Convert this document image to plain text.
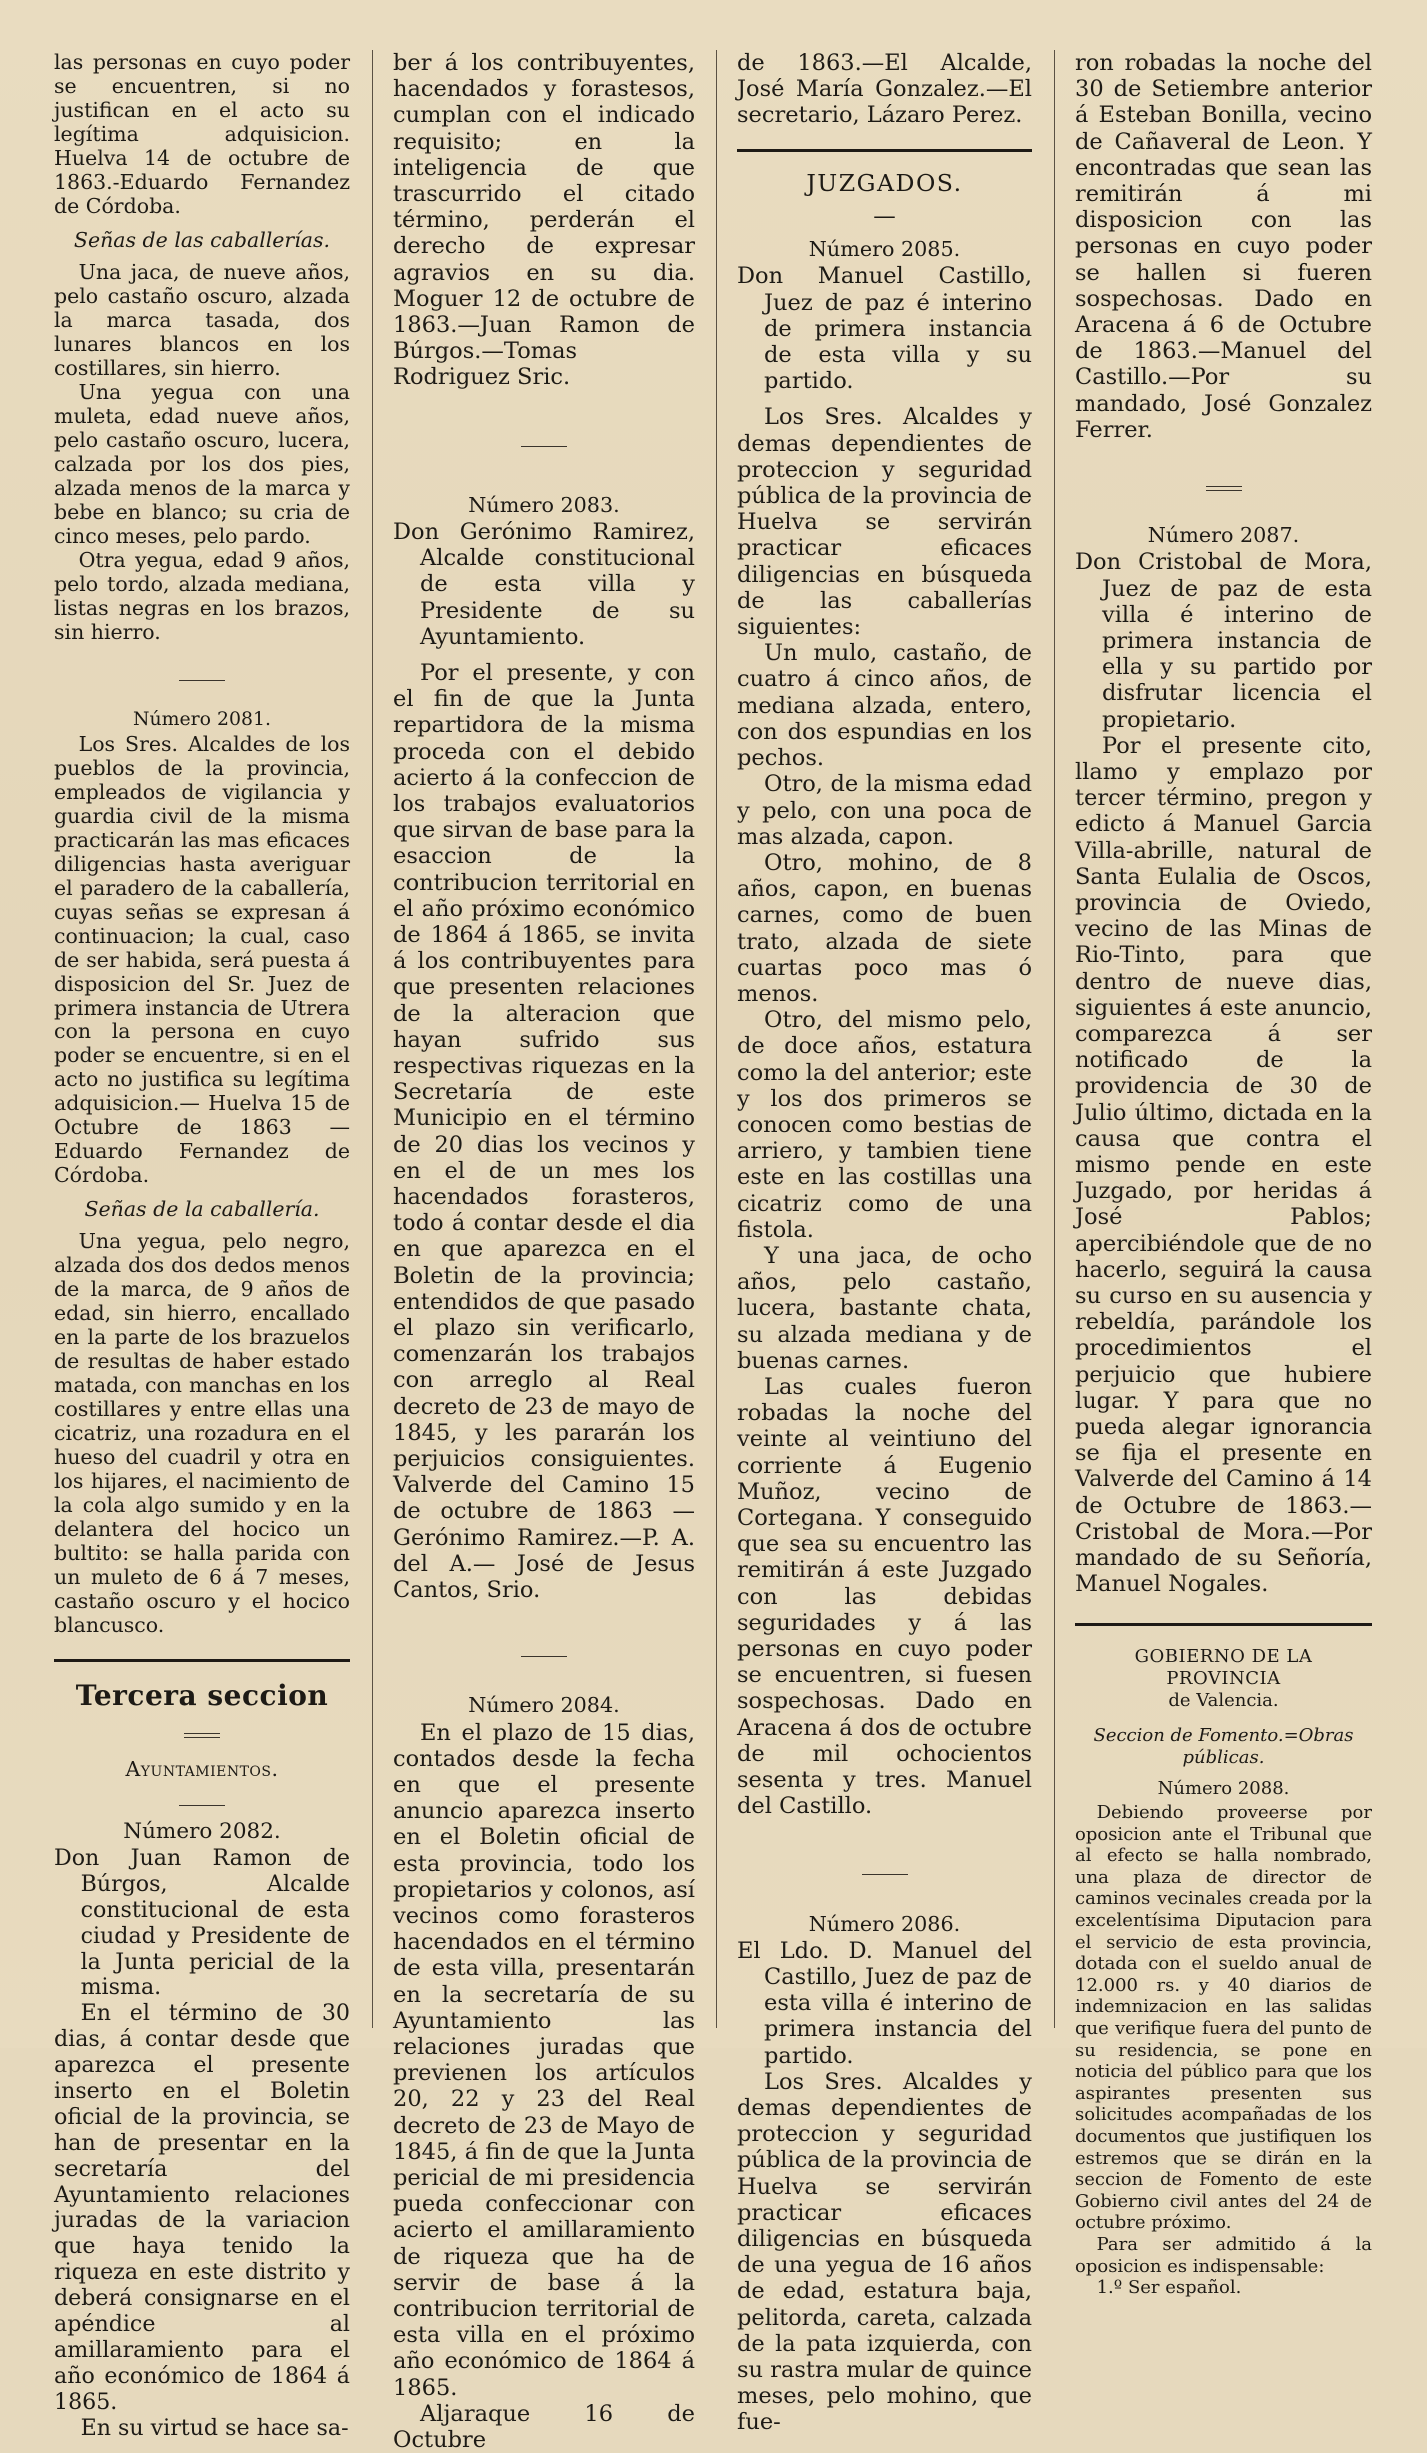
las personas en cuyo poder se encuentren, si no justifican en el acto su legítima adquisicion. Huelva 14 de octubre de 1863.-Eduardo Fernandez de Córdoba.

Señas de las caballerías.

Una jaca, de nueve años, pelo castaño oscuro, alzada la marca tasada, dos lunares blancos en los costillares, sin hierro.

Una yegua con una muleta, edad nueve años, pelo castaño oscuro, lucera, calzada por los dos pies, alzada menos de la marca y bebe en blanco; su cria de cinco meses, pelo pardo.

Otra yegua, edad 9 años, pelo tordo, alzada mediana, listas negras en los brazos, sin hierro.

Número 2081.

Los Sres. Alcaldes de los pueblos de la provincia, empleados de vigilancia y guardia civil de la misma practicarán las mas eficaces diligencias hasta averiguar el paradero de la caballería, cuyas señas se expresan á continuacion; la cual, caso de ser habida, será puesta á disposicion del Sr. Juez de primera instancia de Utrera con la persona en cuyo poder se encuentre, si en el acto no justifica su legítima adquisicion.— Huelva 15 de Octubre de 1863 — Eduardo Fernandez de Córdoba.

Señas de la caballería.

Una yegua, pelo negro, alzada dos dos dedos menos de la marca, de 9 años de edad, sin hierro, encallado en la parte de los brazuelos de resultas de haber estado matada, con manchas en los costillares y entre ellas una cicatriz, una rozadura en el hueso del cuadril y otra en los hijares, el nacimiento de la cola algo sumido y en la delantera del hocico un bultito: se halla parida con un muleto de 6 á 7 meses, castaño oscuro y el hocico blancusco.

Tercera seccion
Ayuntamientos.
Número 2082.

Don Juan Ramon de Búrgos, Alcalde constitucional de esta ciudad y Presidente de la Junta pericial de la misma.

En el término de 30 dias, á contar desde que aparezca el presente inserto en el Boletin oficial de la provincia, se han de presentar en la secretaría del Ayuntamiento relaciones juradas de la variacion que haya tenido la riqueza en este distrito y deberá consignarse en el apéndice al amillaramiento para el año económico de 1864 á 1865.

En su virtud se hace sa-

ber á los contribuyentes, hacendados y forastesos, cumplan con el indicado requisito; en la inteligencia de que trascurrido el citado término, perderán el derecho de expresar agravios en su dia. Moguer 12 de octubre de 1863.—Juan Ramon de Búrgos.—Tomas Rodriguez Sric.

Número 2083.

Don Gerónimo Ramirez, Alcalde constitucional de esta villa y Presidente de su Ayuntamiento.

Por el presente, y con el fin de que la Junta repartidora de la misma proceda con el debido acierto á la confeccion de los trabajos evaluatorios que sirvan de base para la esaccion de la contribucion territorial en el año próximo económico de 1864 á 1865, se invita á los contribuyentes para que presenten relaciones de la alteracion que hayan sufrido sus respectivas riquezas en la Secretaría de este Municipio en el término de 20 dias los vecinos y en el de un mes los hacendados forasteros, todo á contar desde el dia en que aparezca en el Boletin de la provincia; entendidos de que pasado el plazo sin verificarlo, comenzarán los trabajos con arreglo al Real decreto de 23 de mayo de 1845, y les pararán los perjuicios consiguientes. Valverde del Camino 15 de octubre de 1863 —Gerónimo Ramirez.—P. A. del A.— José de Jesus Cantos, Srio.

Número 2084.

En el plazo de 15 dias, contados desde la fecha en que el presente anuncio aparezca inserto en el Boletin oficial de esta provincia, todo los propietarios y colonos, así vecinos como forasteros hacendados en el término de esta villa, presentarán en la secretaría de su Ayuntamiento las relaciones juradas que previenen los artículos 20, 22 y 23 del Real decreto de 23 de Mayo de 1845, á fin de que la Junta pericial de mi presidencia pueda confeccionar con acierto el amillaramiento de riqueza que ha de servir de base á la contribucion territorial de esta villa en el próximo año económico de 1864 á 1865.

Aljaraque 16 de Octubre

de 1863.—El Alcalde, José María Gonzalez.—El secretario, Lázaro Perez.

JUZGADOS.
—
Número 2085.

Don Manuel Castillo, Juez de paz é interino de primera instancia de esta villa y su partido.

Los Sres. Alcaldes y demas dependientes de proteccion y seguridad pública de la provincia de Huelva se servirán practicar eficaces diligencias en búsqueda de las caballerías siguientes:

Un mulo, castaño, de cuatro á cinco años, de mediana alzada, entero, con dos espundias en los pechos.

Otro, de la misma edad y pelo, con una poca de mas alzada, capon.

Otro, mohino, de 8 años, capon, en buenas carnes, como de buen trato, alzada de siete cuartas poco mas ó menos.

Otro, del mismo pelo, de doce años, estatura como la del anterior; este y los dos primeros se conocen como bestias de arriero, y tambien tiene este en las costillas una cicatriz como de una fistola.

Y una jaca, de ocho años, pelo castaño, lucera, bastante chata, su alzada mediana y de buenas carnes.

Las cuales fueron robadas la noche del veinte al veintiuno del corriente á Eugenio Muñoz, vecino de Cortegana. Y conseguido que sea su encuentro las remitirán á este Juzgado con las debidas seguridades y á las personas en cuyo poder se encuentren, si fuesen sospechosas. Dado en Aracena á dos de octubre de mil ochocientos sesenta y tres. Manuel del Castillo.

Número 2086.

El Ldo. D. Manuel del Castillo, Juez de paz de esta villa é interino de primera instancia del partido.

Los Sres. Alcaldes y demas dependientes de proteccion y seguridad pública de la provincia de Huelva se servirán practicar eficaces diligencias en búsqueda de una yegua de 16 años de edad, estatura baja, pelitorda, careta, calzada de la pata izquierda, con su rastra mular de quince meses, pelo mohino, que fue-

ron robadas la noche del 30 de Setiembre anterior á Esteban Bonilla, vecino de Cañaveral de Leon. Y encontradas que sean las remitirán á mi disposicion con las personas en cuyo poder se hallen si fueren sospechosas. Dado en Aracena á 6 de Octubre de 1863.—Manuel del Castillo.—Por su mandado, José Gonzalez Ferrer.

Número 2087.

Don Cristobal de Mora, Juez de paz de esta villa é interino de primera instancia de ella y su partido por disfrutar licencia el propietario.

Por el presente cito, llamo y emplazo por tercer término, pregon y edicto á Manuel Garcia Villa-abrille, natural de Santa Eulalia de Oscos, provincia de Oviedo, vecino de las Minas de Rio-Tinto, para que dentro de nueve dias, siguientes á este anuncio, comparezca á ser notificado de la providencia de 30 de Julio último, dictada en la causa que contra el mismo pende en este Juzgado, por heridas á José Pablos; apercibiéndole que de no hacerlo, seguirá la causa su curso en su ausencia y rebeldía, parándole los procedimientos el perjuicio que hubiere lugar. Y para que no pueda alegar ignorancia se fija el presente en Valverde del Camino á 14 de Octubre de 1863.—Cristobal de Mora.—Por mandado de su Señoría, Manuel Nogales.

GOBIERNO DE LA PROVINCIA
de Valencia.
Seccion de Fomento.=Obras públicas.
Número 2088.

Debiendo proveerse por oposicion ante el Tribunal que al efecto se halla nombrado, una plaza de director de caminos vecinales creada por la excelentísima Diputacion para el servicio de esta provincia, dotada con el sueldo anual de 12.000 rs. y 40 diarios de indemnizacion en las salidas que verifique fuera del punto de su residencia, se pone en noticia del público para que los aspirantes presenten sus solicitudes acompañadas de los documentos que justifiquen los estremos que se dirán en la seccion de Fomento de este Gobierno civil antes del 24 de octubre próximo.

Para ser admitido á la oposicion es indispensable:

1.º Ser español.
